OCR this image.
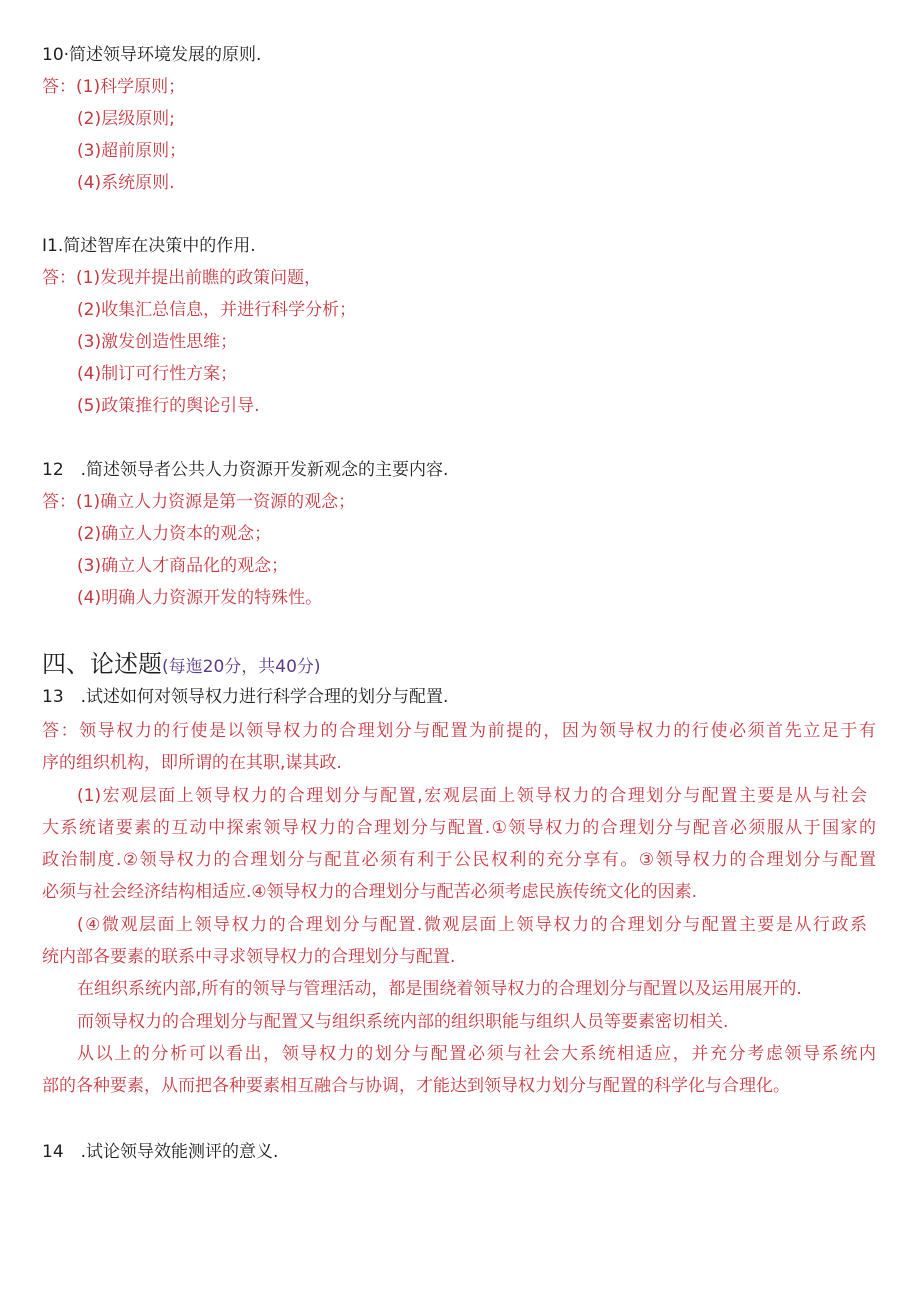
10·简述领导环境发展的原则.
答：(1)科学原则；
(2)层级原则;
(3)超前原则；
(4)系统原则.
I1.简述智库在决策中的作用.
答：(1)发现并提出前瞧的政策问题，
(2)收集汇总信息，并进行科学分析；
(3)激发创造性思维；
(4)制订可行性方案；
(5)政策推行的舆论引导.
12　.简述领导者公共人力资源开发新观念的主要内容.
答：(1)确立人力资源是第一资源的观念；
(2)确立人力资本的观念；
(3)确立人才商品化的观念；
(4)明确人力资源开发的特殊性。
四、论述题(每迤20分，共40分)
13　.试述如何对领导权力进行科学合理的划分与配置.
答：领导权力的行使是以领导权力的合理划分与配置为前提的，因为领导权力的行使必须首先立足于有
序的组织机构，即所谓的在其职,谋其政.
(1)宏观层面上领导权力的合理划分与配置,宏观层面上领导权力的合理划分与配置主要是从与社会
大系统诸要素的互动中探索领导权力的合理划分与配置.①领导权力的合理划分与配音必须服从于国家的
政治制度.②领导权力的合理划分与配苴必须有利于公民权利的充分享有。③领导权力的合理划分与配置
必须与社会经济结构相适应.④领导权力的合理划分与配苦必须考虑民族传统文化的因素.
(④微观层面上领导权力的合理划分与配置.微观层面上领导权力的合理划分与配置主要是从行政系
统内部各要素的联系中寻求领导权力的合理划分与配置.
在组织系统内部,所有的领导与管理活动，都是围绕着领导权力的合理划分与配置以及运用展开的.
而领导权力的合理划分与配置又与组织系统内部的组织职能与组织人员等要素密切相关.
从以上的分析可以看出，领导权力的划分与配置必须与社会大系统相适应，并充分考虑领导系统内
部的各种要素，从而把各种要素相互融合与协调，才能达到领导权力划分与配置的科学化与合理化。
14　.试论领导效能测评的意义.
